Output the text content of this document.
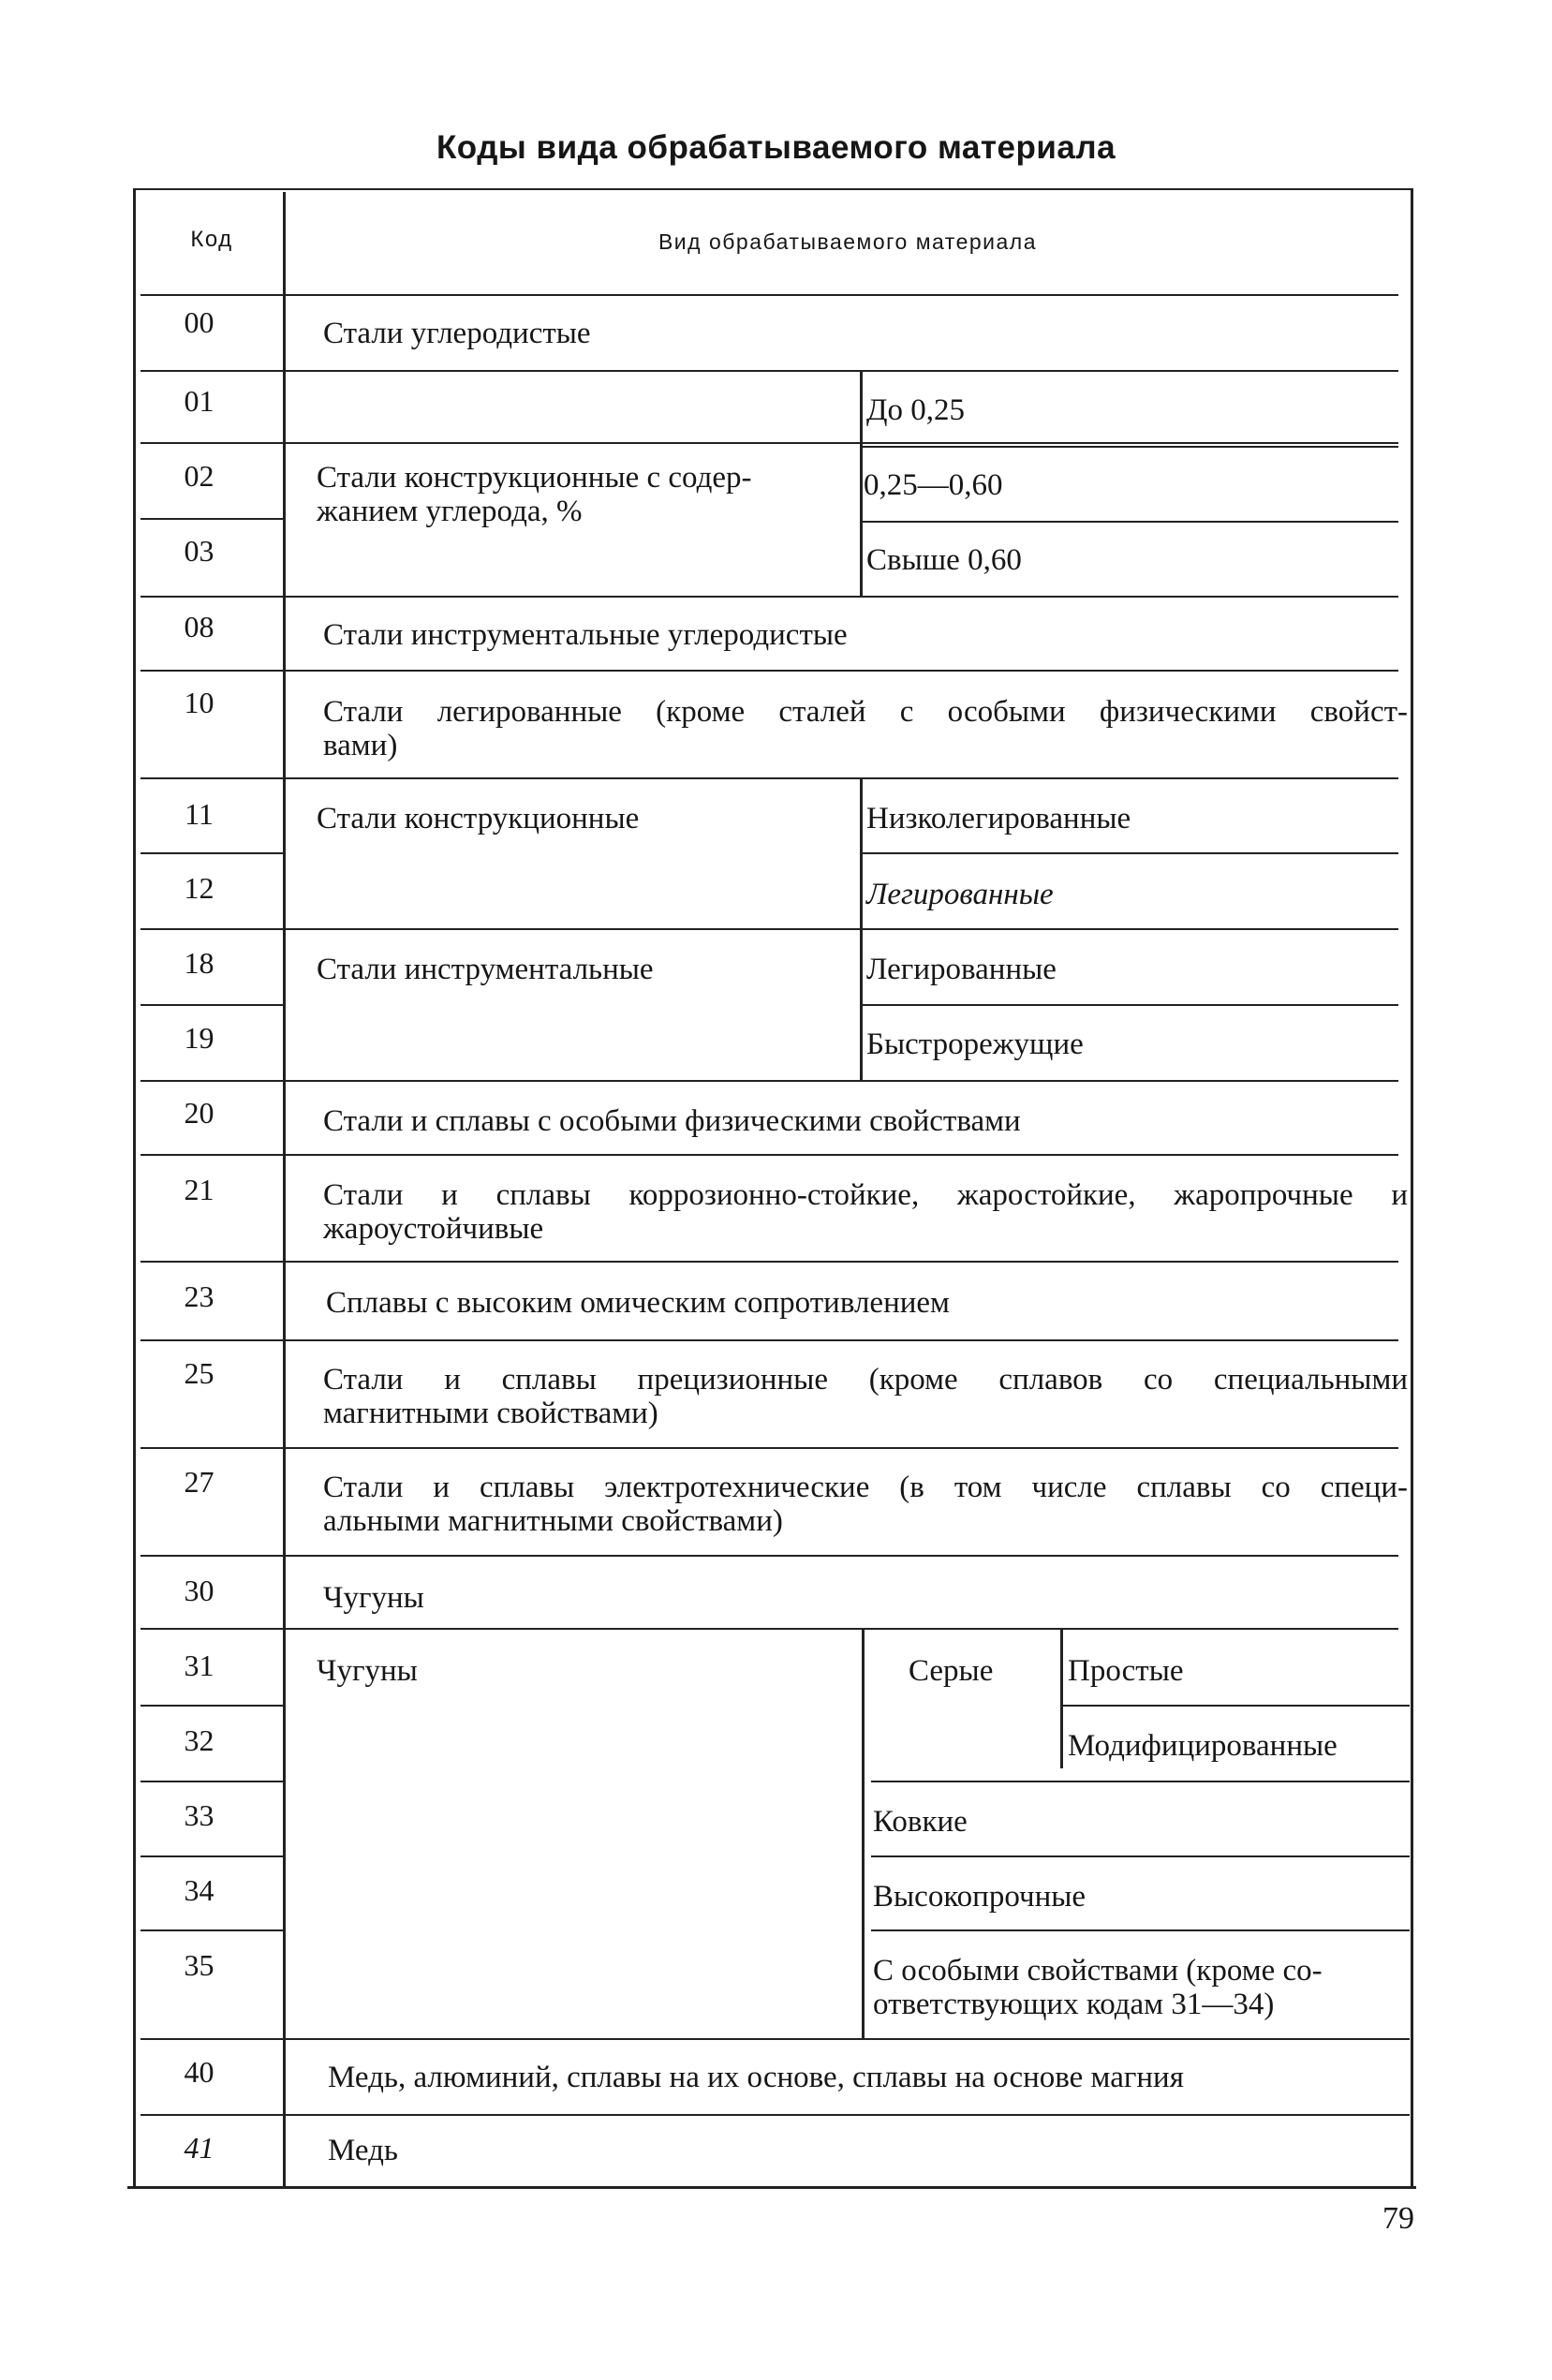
Коды вида обрабатываемого материала
Код	Вид обрабатываемого материала
00
01
02
03
08
10
11
12
18
19
20
21
23
25
27
30
31
32
33
34
35
40
41
Стали углеродистые
Стали инструментальные углеродистые
Стали легированные (кроме сталей с особыми физическими свойст-
вами)
Стали и сплавы с особыми физическими свойствами
Стали и сплавы коррозионно-стойкие, жаростойкие, жаропрочные и
жароустойчивые
Сплавы с высоким омическим сопротивлением
Стали и сплавы прецизионные (кроме сплавов со специальными
магнитными свойствами)
Стали и сплавы электротехнические (в том числе сплавы со специ-
альными магнитными свойствами)
Чугуны
Медь, алюминий, сплавы на их основе, сплавы на основе магния
Медь
Стали конструкционные с содер-
жанием углерода, %
Стали конструкционные
Стали инструментальные
Чугуны	Серые
До 0,25
0,25—0,60
Свыше 0,60
Низколегированные
Легированные
Легированные
Быстрорежущие
Простые
Модифицированные
Ковкие
Высокопрочные
С особыми свойствами (кроме со-
ответствующих кодам 31—34)
79
